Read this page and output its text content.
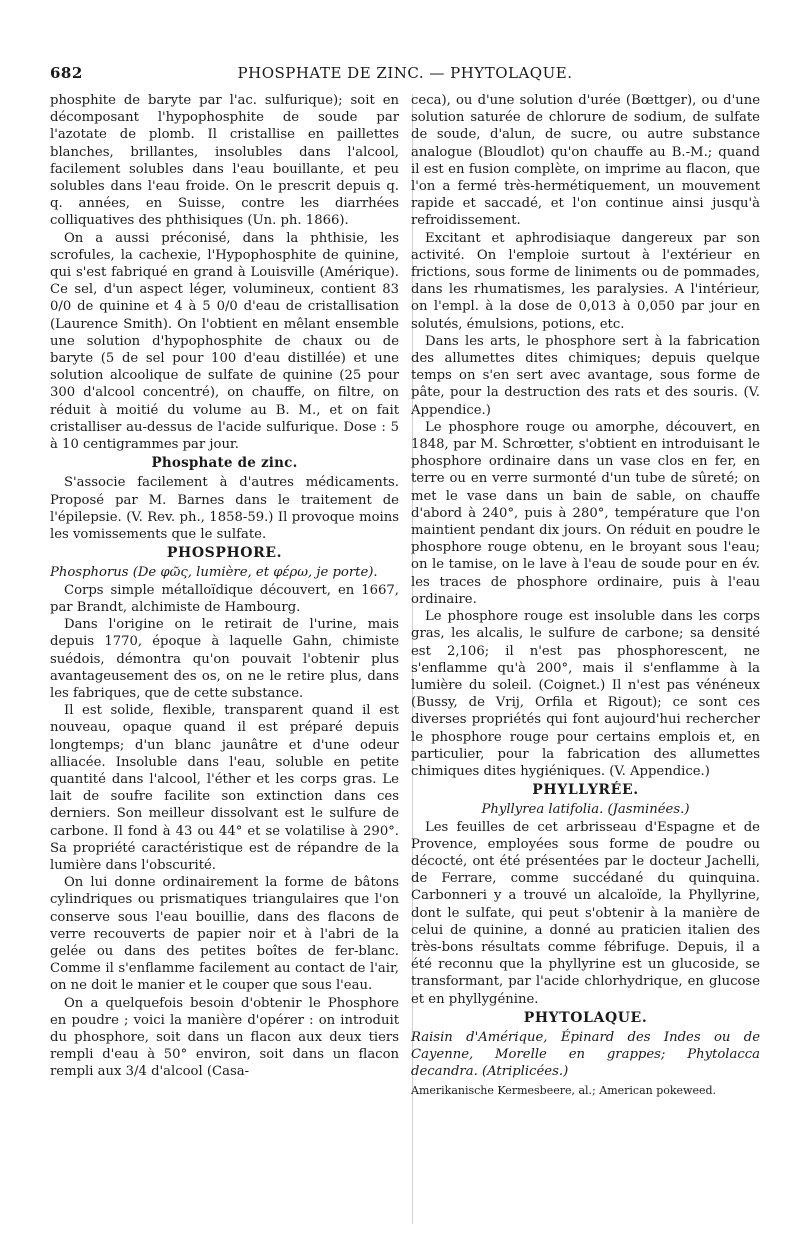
682	PHOSPHATE DE ZINC. — PHYTOLAQUE.

phosphite de baryte par l'ac. sulfurique); soit en décomposant l'hypophosphite de soude par l'azotate de plomb. Il cristallise en paillettes blanches, brillantes, insolubles dans l'alcool, facilement solubles dans l'eau bouillante, et peu solubles dans l'eau froide. On le prescrit depuis q. q. années, en Suisse, contre les diarrhées colliquatives des phthisiques (Un. ph. 1866).

On a aussi préconisé, dans la phthisie, les scrofules, la cachexie, l'Hypophosphite de quinine, qui s'est fabriqué en grand à Louisville (Amérique). Ce sel, d'un aspect léger, volumineux, contient 83 0/0 de quinine et 4 à 5 0/0 d'eau de cristallisation (Laurence Smith). On l'obtient en mêlant ensemble une solution d'hypophosphite de chaux ou de baryte (5 de sel pour 100 d'eau distillée) et une solution alcoolique de sulfate de quinine (25 pour 300 d'alcool concentré), on chauffe, on filtre, on réduit à moitié du volume au B. M., et on fait cristalliser au-dessus de l'acide sulfurique. Dose : 5 à 10 centigrammes par jour.

Phosphate de zinc.

S'associe facilement à d'autres médicaments. Proposé par M. Barnes dans le traitement de l'épilepsie. (V. Rev. ph., 1858-59.) Il provoque moins les vomissements que le sulfate.

PHOSPHORE.

Phosphorus (De φῶς, lumière, et φέρω, je porte).

Corps simple métalloïdique découvert, en 1667, par Brandt, alchimiste de Hambourg.

Dans l'origine on le retirait de l'urine, mais depuis 1770, époque à laquelle Gahn, chimiste suédois, démontra qu'on pouvait l'obtenir plus avantageusement des os, on ne le retire plus, dans les fabriques, que de cette substance.

Il est solide, flexible, transparent quand il est nouveau, opaque quand il est préparé depuis longtemps; d'un blanc jaunâtre et d'une odeur alliacée. Insoluble dans l'eau, soluble en petite quantité dans l'alcool, l'éther et les corps gras. Le lait de soufre facilite son extinction dans ces derniers. Son meilleur dissolvant est le sulfure de carbone. Il fond à 43 ou 44° et se volatilise à 290°. Sa propriété caractéristique est de répandre de la lumière dans l'obscurité.

On lui donne ordinairement la forme de bâtons cylindriques ou prismatiques triangulaires que l'on conserve sous l'eau bouillie, dans des flacons de verre recouverts de papier noir et à l'abri de la gelée ou dans des petites boîtes de fer-blanc. Comme il s'enflamme facilement au contact de l'air, on ne doit le manier et le couper que sous l'eau.

On a quelquefois besoin d'obtenir le Phosphore en poudre ; voici la manière d'opérer : on introduit du phosphore, soit dans un flacon aux deux tiers rempli d'eau à 50° environ, soit dans un flacon rempli aux 3/4 d'alcool (Casa-

ceca), ou d'une solution d'urée (Bœttger), ou d'une solution saturée de chlorure de sodium, de sulfate de soude, d'alun, de sucre, ou autre substance analogue (Bloudlot) qu'on chauffe au B.-M.; quand il est en fusion complète, on imprime au flacon, que l'on a fermé très-hermétiquement, un mouvement rapide et saccadé, et l'on continue ainsi jusqu'à refroidissement.

Excitant et aphrodisiaque dangereux par son activité. On l'emploie surtout à l'extérieur en frictions, sous forme de liniments ou de pommades, dans les rhumatismes, les paralysies. A l'intérieur, on l'empl. à la dose de 0,013 à 0,050 par jour en solutés, émulsions, potions, etc.

Dans les arts, le phosphore sert à la fabrication des allumettes dites chimiques; depuis quelque temps on s'en sert avec avantage, sous forme de pâte, pour la destruction des rats et des souris. (V. Appendice.)

Le phosphore rouge ou amorphe, découvert, en 1848, par M. Schrœtter, s'obtient en introduisant le phosphore ordinaire dans un vase clos en fer, en terre ou en verre surmonté d'un tube de sûreté; on met le vase dans un bain de sable, on chauffe d'abord à 240°, puis à 280°, température que l'on maintient pendant dix jours. On réduit en poudre le phosphore rouge obtenu, en le broyant sous l'eau; on le tamise, on le lave à l'eau de soude pour en év. les traces de phosphore ordinaire, puis à l'eau ordinaire.

Le phosphore rouge est insoluble dans les corps gras, les alcalis, le sulfure de carbone; sa densité est 2,106; il n'est pas phosphorescent, ne s'enflamme qu'à 200°, mais il s'enflamme à la lumière du soleil. (Coignet.) Il n'est pas vénéneux (Bussy, de Vrij, Orfila et Rigout); ce sont ces diverses propriétés qui font aujourd'hui rechercher le phosphore rouge pour certains emplois et, en particulier, pour la fabrication des allumettes chimiques dites hygiéniques. (V. Appendice.)

PHYLLYRÉE.

Phyllyrea latifolia. (Jasminées.)

Les feuilles de cet arbrisseau d'Espagne et de Provence, employées sous forme de poudre ou décocté, ont été présentées par le docteur Jachelli, de Ferrare, comme succédané du quinquina. Carbonneri y a trouvé un alcaloïde, la Phyllyrine, dont le sulfate, qui peut s'obtenir à la manière de celui de quinine, a donné au praticien italien des très-bons résultats comme fébrifuge. Depuis, il a été reconnu que la phyllyrine est un glucoside, se transformant, par l'acide chlorhydrique, en glucose et en phyllygénine.

PHYTOLAQUE.

Raisin d'Amérique, Épinard des Indes ou de Cayenne, Morelle en grappes; Phytolacca decandra. (Atriplicées.)

Amerikanische Kermesbeere, al.; American pokeweed.
